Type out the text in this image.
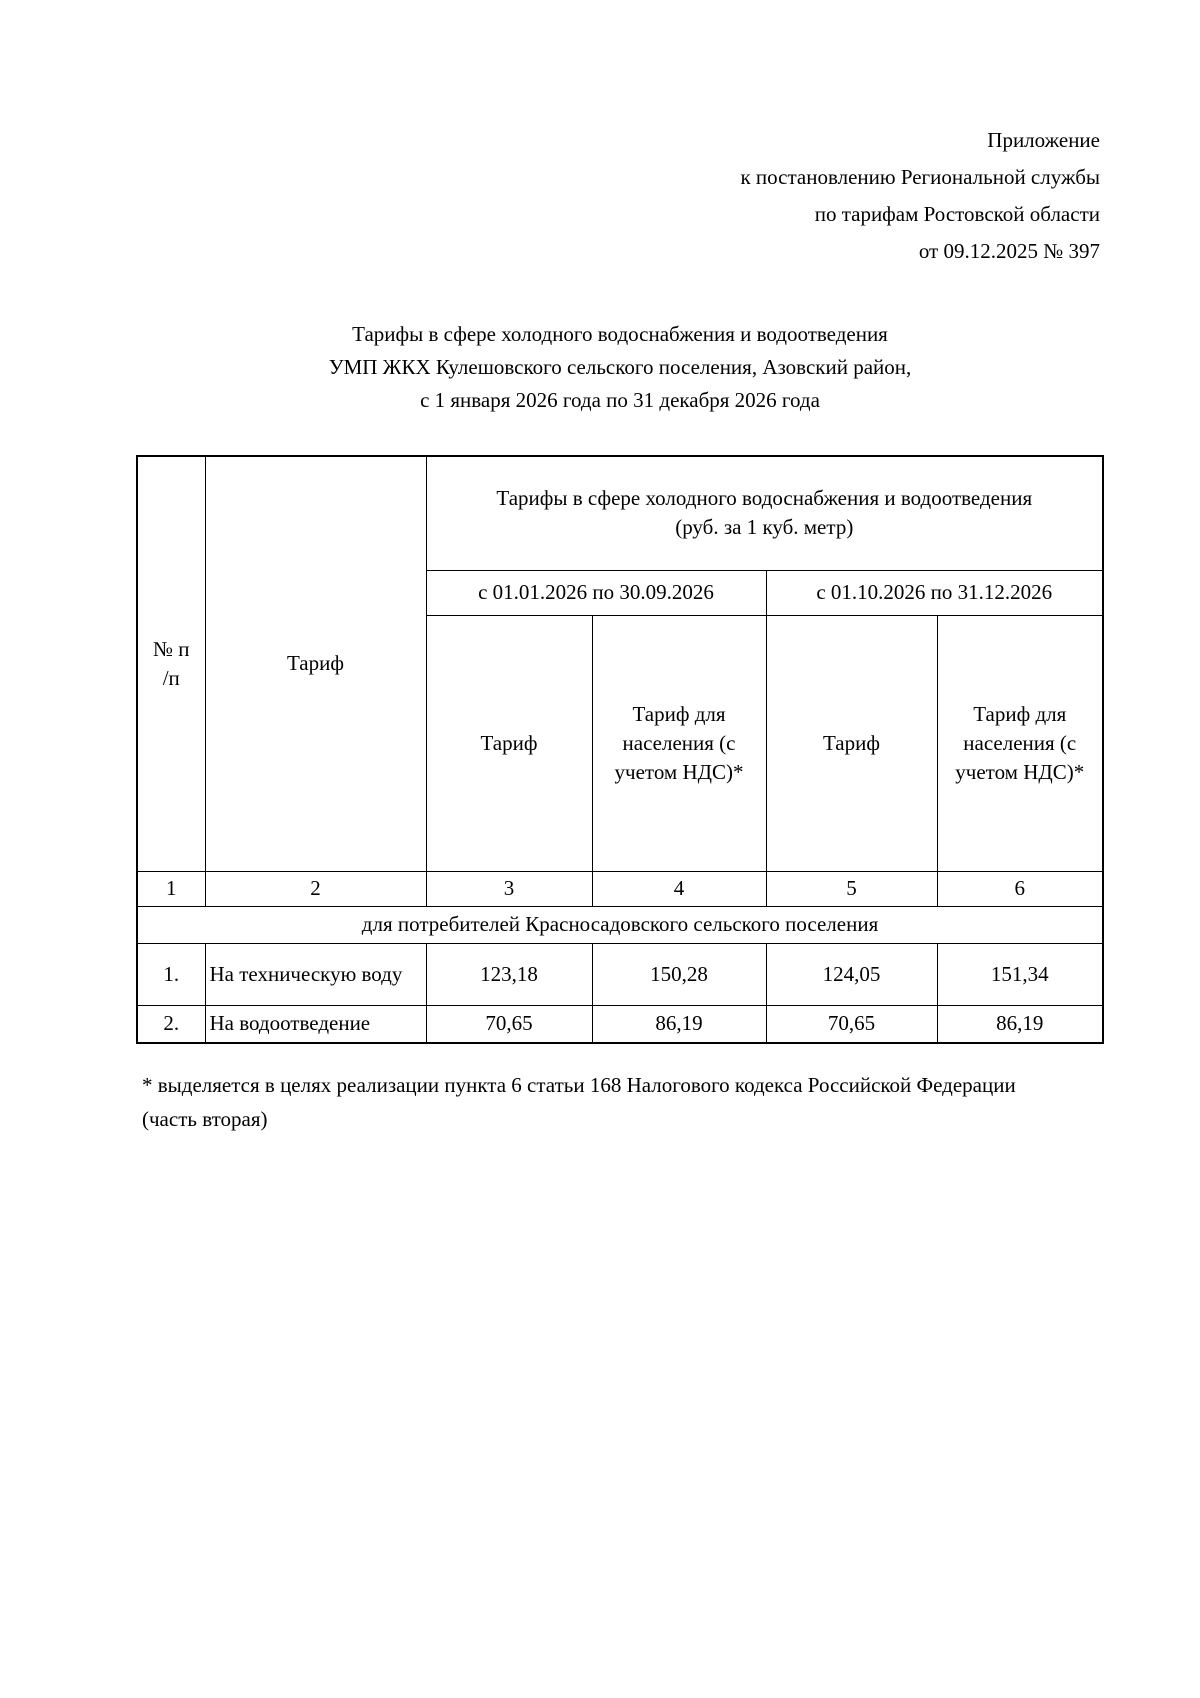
Приложение
к постановлению Региональной службы
по тарифам Ростовской области
от 09.12.2025 № 397
Тарифы в сфере холодного водоснабжения и водоотведения
УМП ЖКХ Кулешовского сельского поселения, Азовский район,
с 1 января 2026 года по 31 декабря 2026 года
№ п /п	Тариф	Тарифы в сфере холодного водоснабжения и водоотведения
(руб. за 1 куб. метр)			

		с 01.01.2026 по 30.09.2026		с 01.10.2026 по 31.12.2026	
		Тариф	Тариф для населения (с учетом НДС)*	Тариф	Тариф для населения (с учетом НДС)*
1	2	3	4	5	6
для потребителей Красносадовского сельского поселения					
1.	На техническую воду	123,18	150,28	124,05	151,34
2.	На водоотведение	70,65	86,19	70,65	86,19
* выделяется в целях реализации пункта 6 статьи 168 Налогового кодекса Российской Федерации (часть вторая)
